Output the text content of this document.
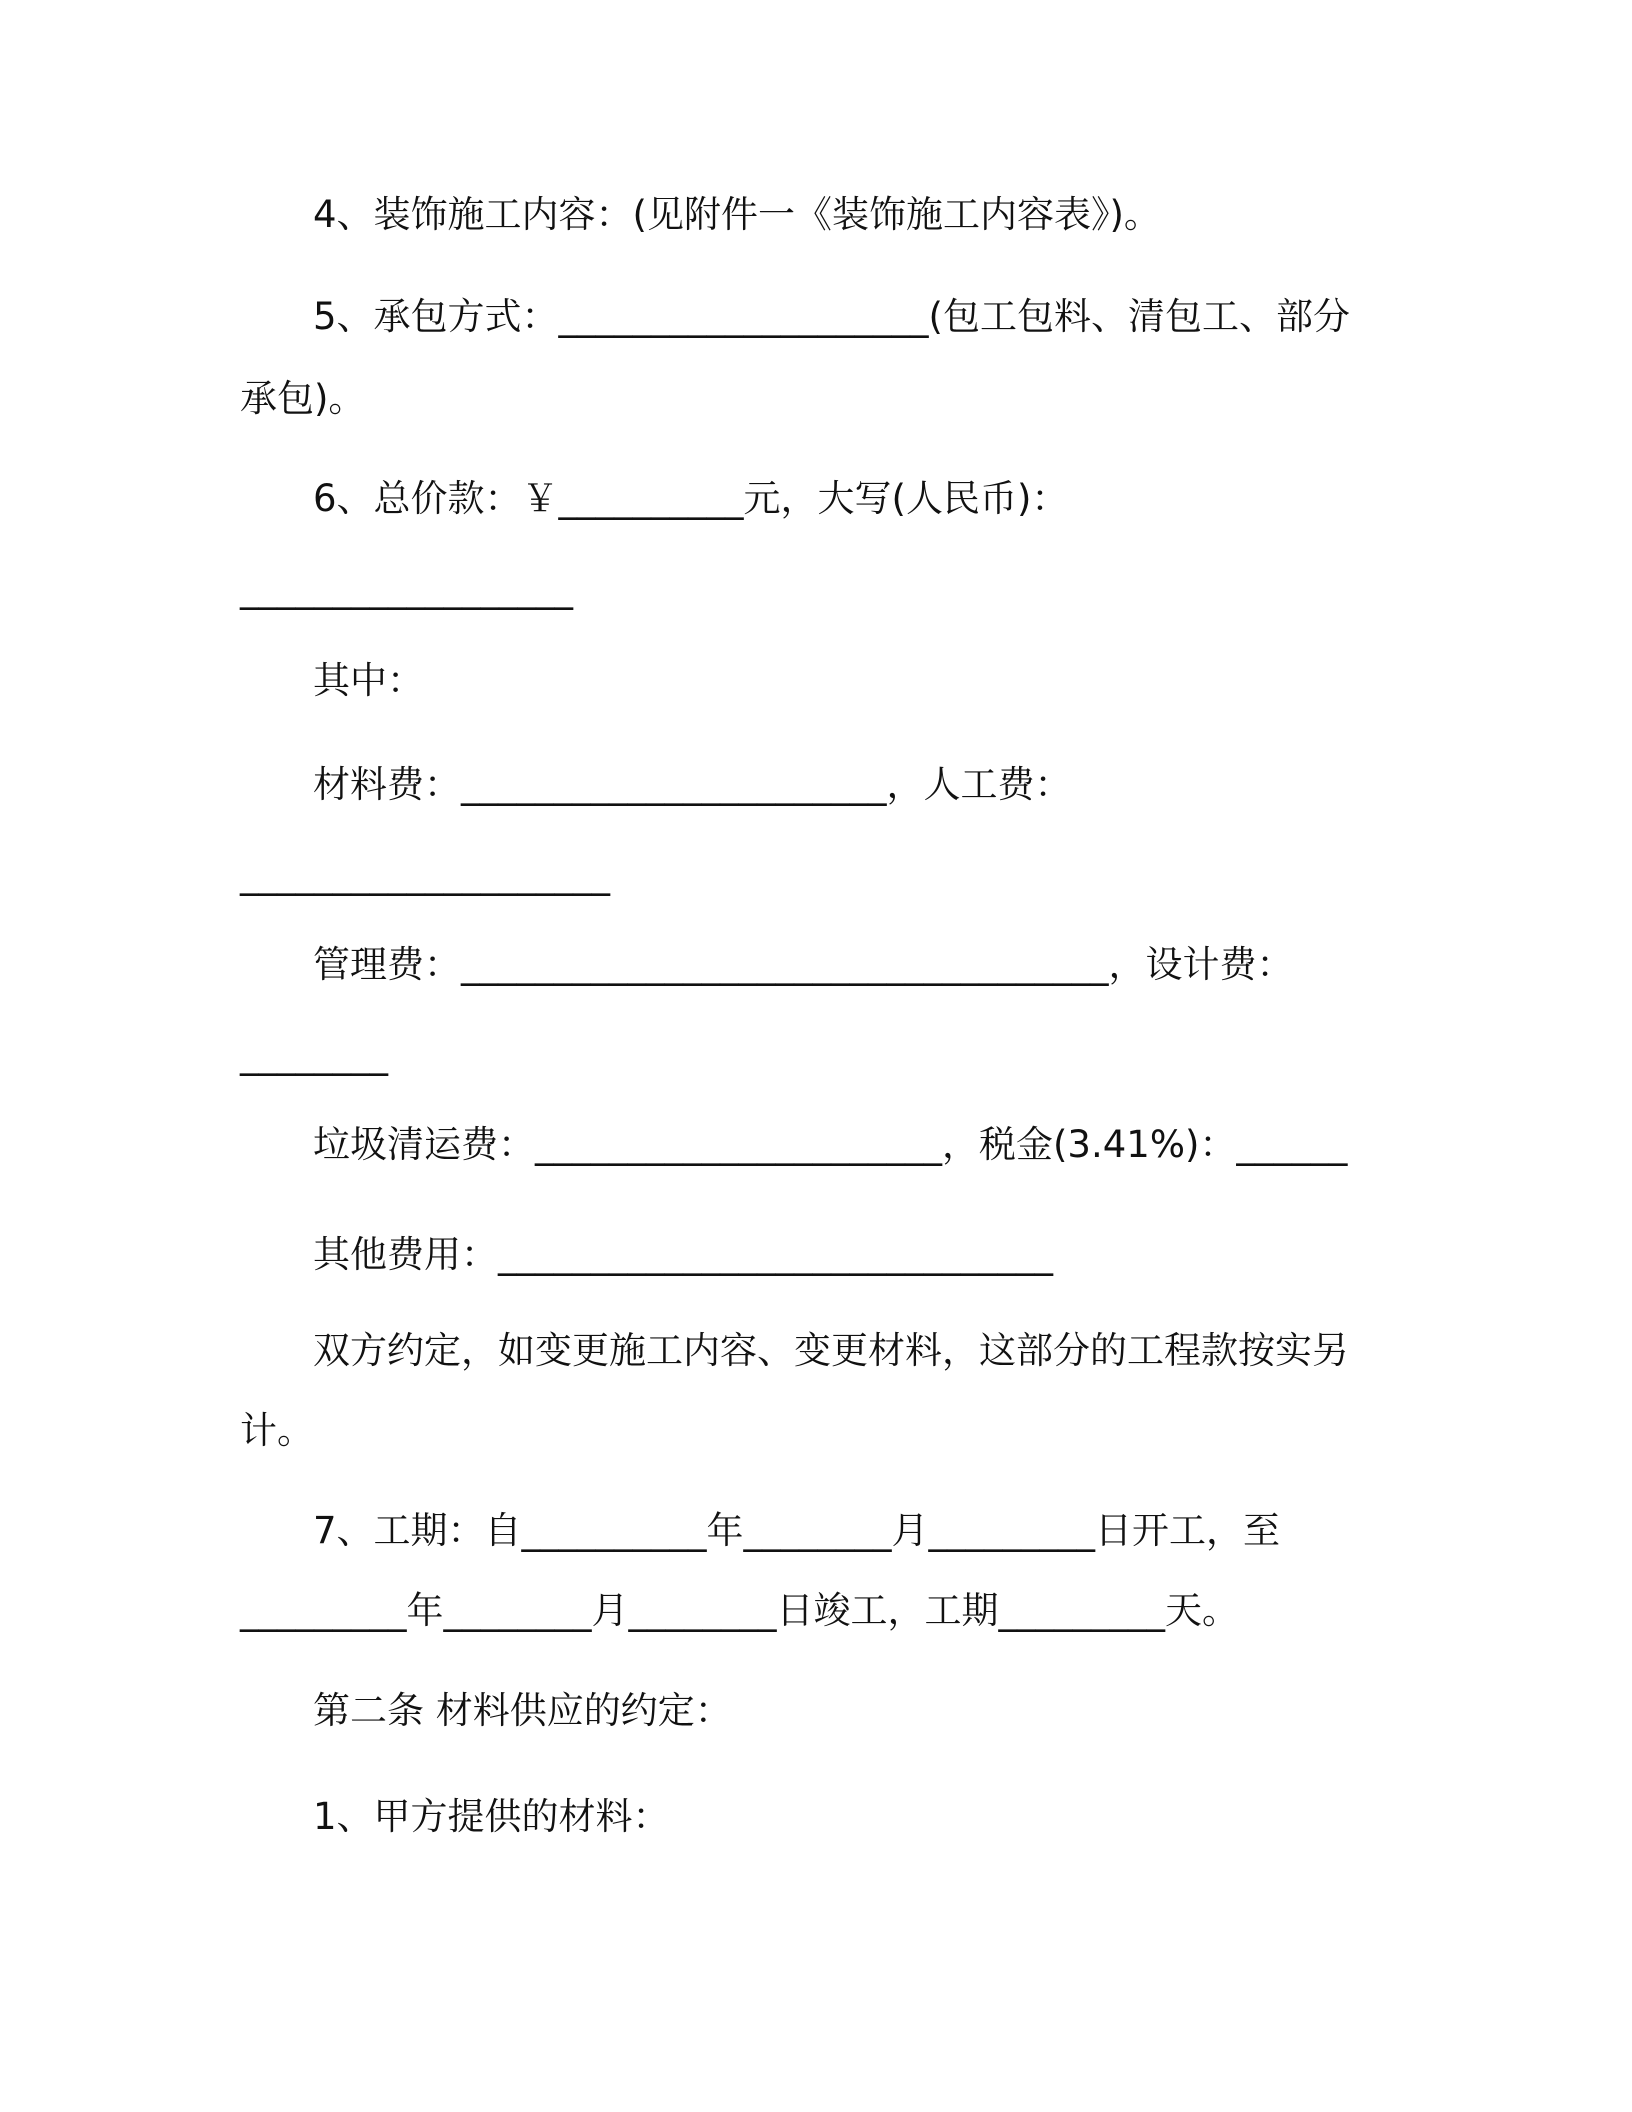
4、装饰施工内容：(见附件一《装饰施工内容表》)。
5、承包方式：____________________(包工包料、清包工、部分
承包)。
6、总价款：￥__________元，大写(人民币)：
__________________
其中：
材料费：_______________________，人工费：
____________________
管理费：___________________________________，设计费：
________
垃圾清运费：______________________，税金(3.41%)：______
其他费用：______________________________
双方约定，如变更施工内容、变更材料，这部分的工程款按实另
计。
7、工期：自__________年________月_________日开工，至
_________年________月________日竣工，工期_________天。
第二条 材料供应的约定：
1、甲方提供的材料：
